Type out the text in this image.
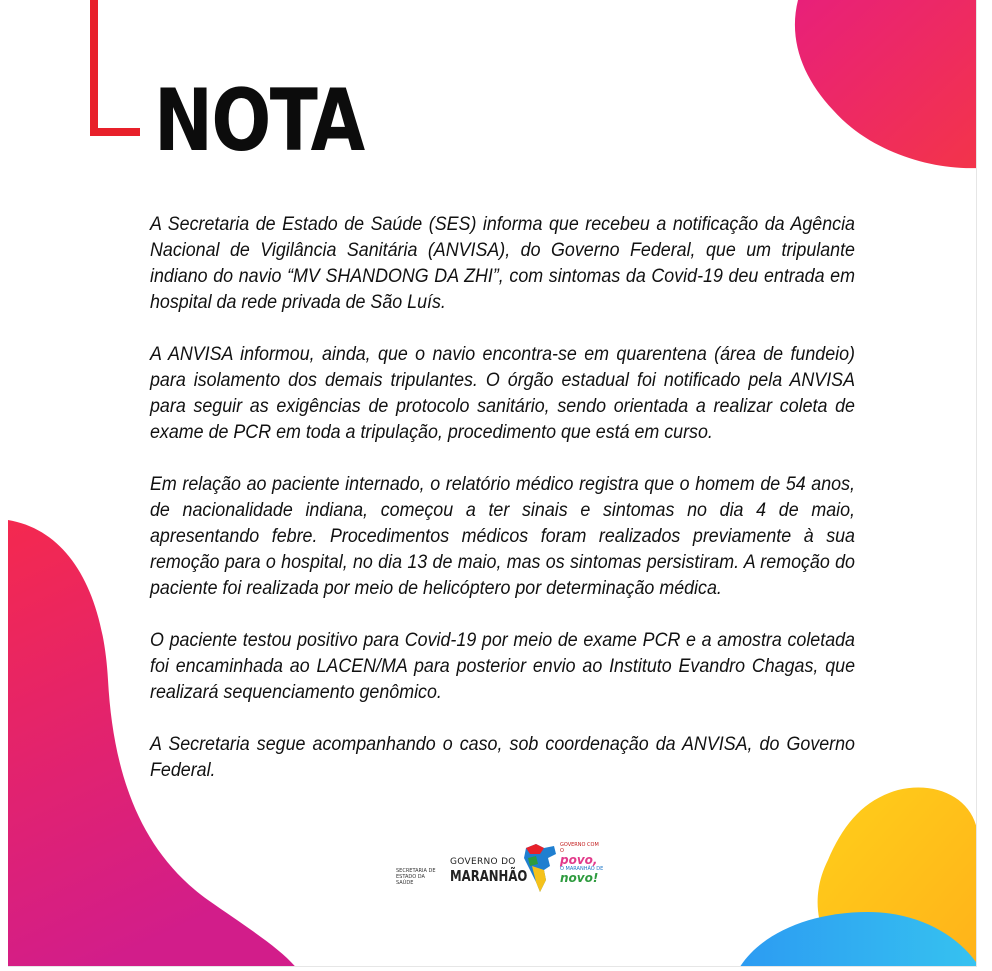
NOTA

A Secretaria de Estado de Saúde (SES) informa que recebeu a notificação da Agência Nacional de Vigilância Sanitária (ANVISA), do Governo Federal, que um tripulante indiano do navio “MV SHANDONG DA ZHI”, com sintomas da Covid-19 deu entrada em hospital da rede privada de São Luís.

A ANVISA informou, ainda, que o navio encontra-se em quarentena (área de fundeio) para isolamento dos demais tripulantes. O órgão estadual foi notificado pela ANVISA para seguir as exigências de protocolo sanitário, sendo orientada a realizar coleta de exame de PCR em toda a tripulação, procedimento que está em curso.

Em relação ao paciente internado, o relatório médico registra que o homem de 54 anos, de nacionalidade indiana, começou a ter sinais e sintomas no dia 4 de maio, apresentando febre. Procedimentos médicos foram realizados previamente à sua remoção para o hospital, no dia 13 de maio, mas os sintomas persistiram. A remoção do paciente foi realizada por meio de helicóptero por determinação médica.

O paciente testou positivo para Covid-19 por meio de exame PCR e a amostra coletada foi encaminhada ao LACEN/MA para posterior envio ao Instituto Evandro Chagas, que realizará sequenciamento genômico.

A Secretaria segue acompanhando o caso, sob coordenação da ANVISA, do Governo Federal.

SECRETARIA DE ESTADO DA SAÚDE
GOVERNO DO
MARANHÃO
GOVERNO COM O
povo,
O MARANHÃO DE
novo!
